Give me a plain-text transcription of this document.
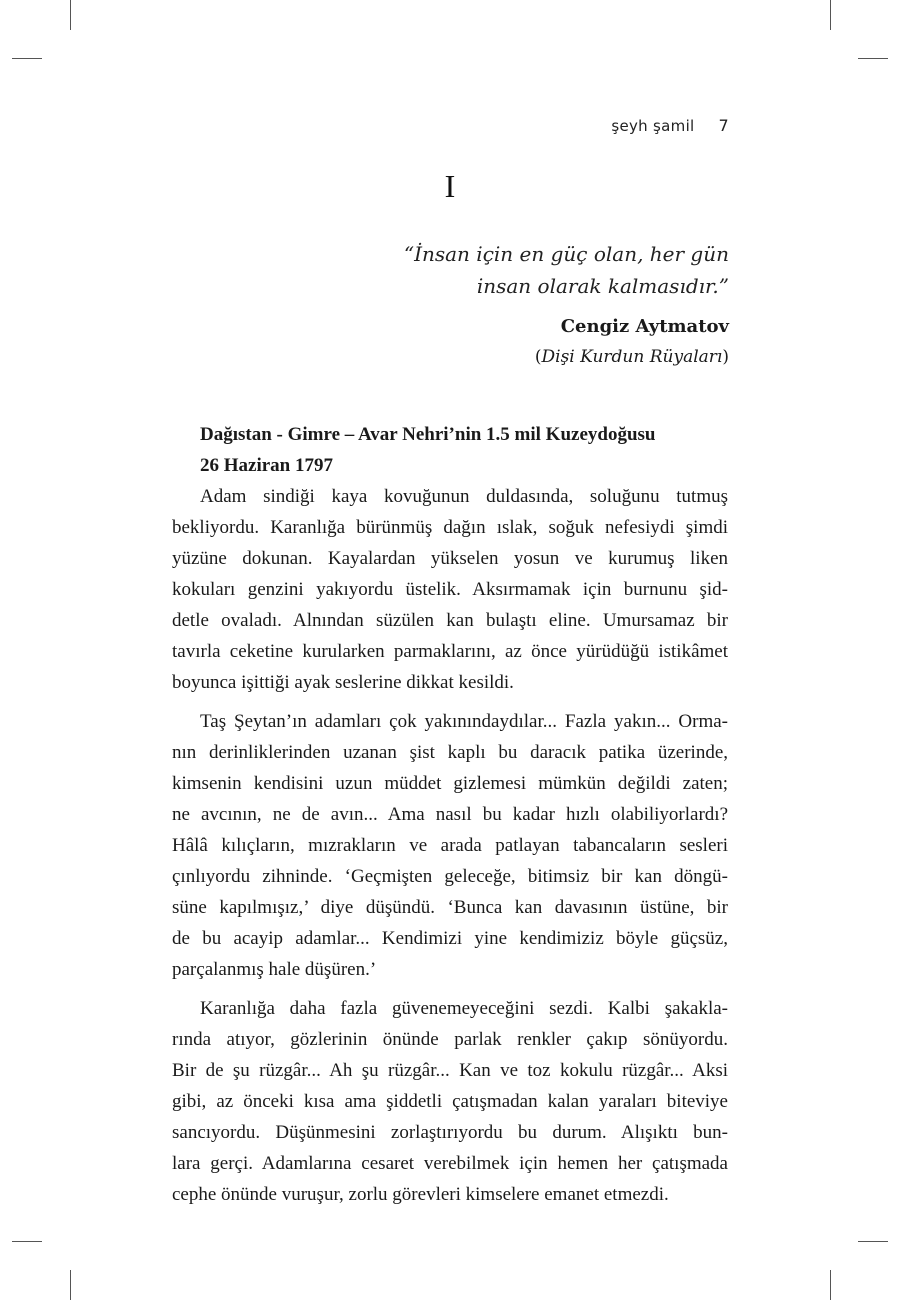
şeyh şamil 7
I
“İnsan için en güç olan, her gün
insan olarak kalmasıdır.”
Cengiz Aytmatov
(Dişi Kurdun Rüyaları)
Dağıstan - Gimre – Avar Nehri’nin 1.5 mil Kuzeydoğusu
26 Haziran 1797

Adam sindiği kaya kovuğunun duldasında, soluğunu tutmuş
bekliyordu. Karanlığa bürünmüş dağın ıslak, soğuk nefesiydi şimdi
yüzüne dokunan. Kayalardan yükselen yosun ve kurumuş liken
kokuları genzini yakıyordu üstelik. Aksırmamak için burnunu şid-
detle ovaladı. Alnından süzülen kan bulaştı eline. Umursamaz bir
tavırla ceketine kurularken parmaklarını, az önce yürüdüğü istikâmet
boyunca işittiği ayak seslerine dikkat kesildi.

Taş Şeytan’ın adamları çok yakınındaydılar... Fazla yakın... Orma-
nın derinliklerinden uzanan şist kaplı bu daracık patika üzerinde,
kimsenin kendisini uzun müddet gizlemesi mümkün değildi zaten;
ne avcının, ne de avın... Ama nasıl bu kadar hızlı olabiliyorlardı?
Hâlâ kılıçların, mızrakların ve arada patlayan tabancaların sesleri
çınlıyordu zihninde. ‘Geçmişten geleceğe, bitimsiz bir kan döngü-
süne kapılmışız,’ diye düşündü. ‘Bunca kan davasının üstüne, bir
de bu acayip adamlar... Kendimizi yine kendimiziz böyle güçsüz,
parçalanmış hale düşüren.’

Karanlığa daha fazla güvenemeyeceğini sezdi. Kalbi şakakla-
rında atıyor, gözlerinin önünde parlak renkler çakıp sönüyordu.
Bir de şu rüzgâr... Ah şu rüzgâr... Kan ve toz kokulu rüzgâr... Aksi
gibi, az önceki kısa ama şiddetli çatışmadan kalan yaraları biteviye
sancıyordu. Düşünmesini zorlaştırıyordu bu durum. Alışıktı bun-
lara gerçi. Adamlarına cesaret verebilmek için hemen her çatışmada
cephe önünde vuruşur, zorlu görevleri kimselere emanet etmezdi.
